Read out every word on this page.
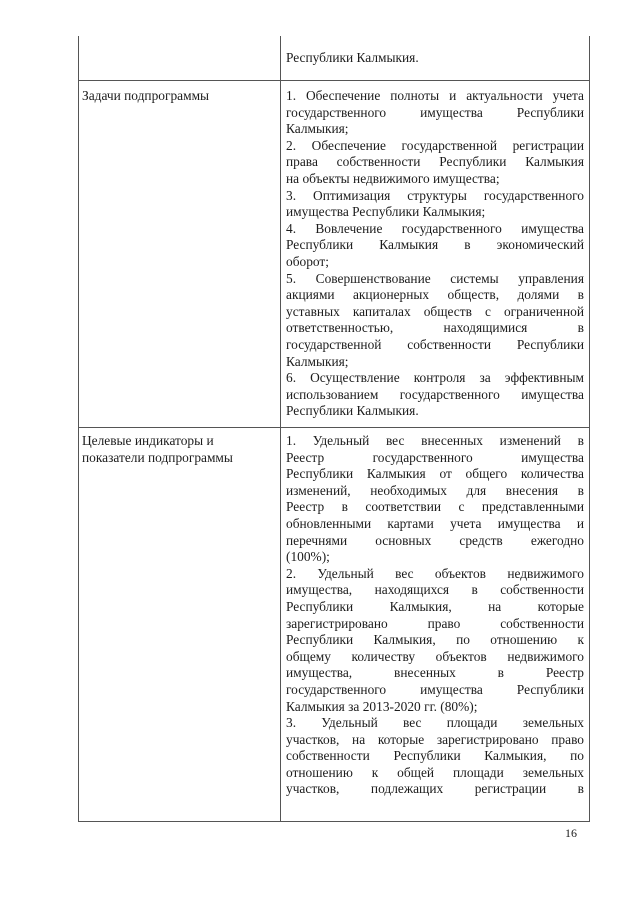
Республики Калмыкия.
Задачи подпрограммы	1. Обеспечение полноты и актуальности учета
государственного имущества Республики
Калмыкия;
2. Обеспечение государственной регистрации
права собственности Республики Калмыкия
на объекты недвижимого имущества;
3. Оптимизация структуры государственного
имущества Республики Калмыкия;
4. Вовлечение государственного имущества
Республики Калмыкия в экономический
оборот;
5. Совершенствование системы управления
акциями акционерных обществ, долями в
уставных капиталах обществ с ограниченной
ответственностью, находящимися в
государственной собственности Республики
Калмыкия;
6. Осуществление контроля за эффективным
использованием государственного имущества
Республики Калмыкия.
Целевые индикаторы и
показатели подпрограммы
1. Удельный вес внесенных изменений в
Реестр государственного имущества
Республики Калмыкия от общего количества
изменений, необходимых для внесения в
Реестр в соответствии с представленными
обновленными картами учета имущества и
перечнями основных средств ежегодно
(100%);
2. Удельный вес объектов недвижимого
имущества, находящихся в собственности
Республики Калмыкия, на которые
зарегистрировано право собственности
Республики Калмыкия, по отношению к
общему количеству объектов недвижимого
имущества, внесенных в Реестр
государственного имущества Республики
Калмыкия за 2013-2020 гг. (80%);
3. Удельный вес площади земельных
участков, на которые зарегистрировано право
собственности Республики Калмыкия, по
отношению к общей площади земельных
участков, подлежащих регистрации в
16
